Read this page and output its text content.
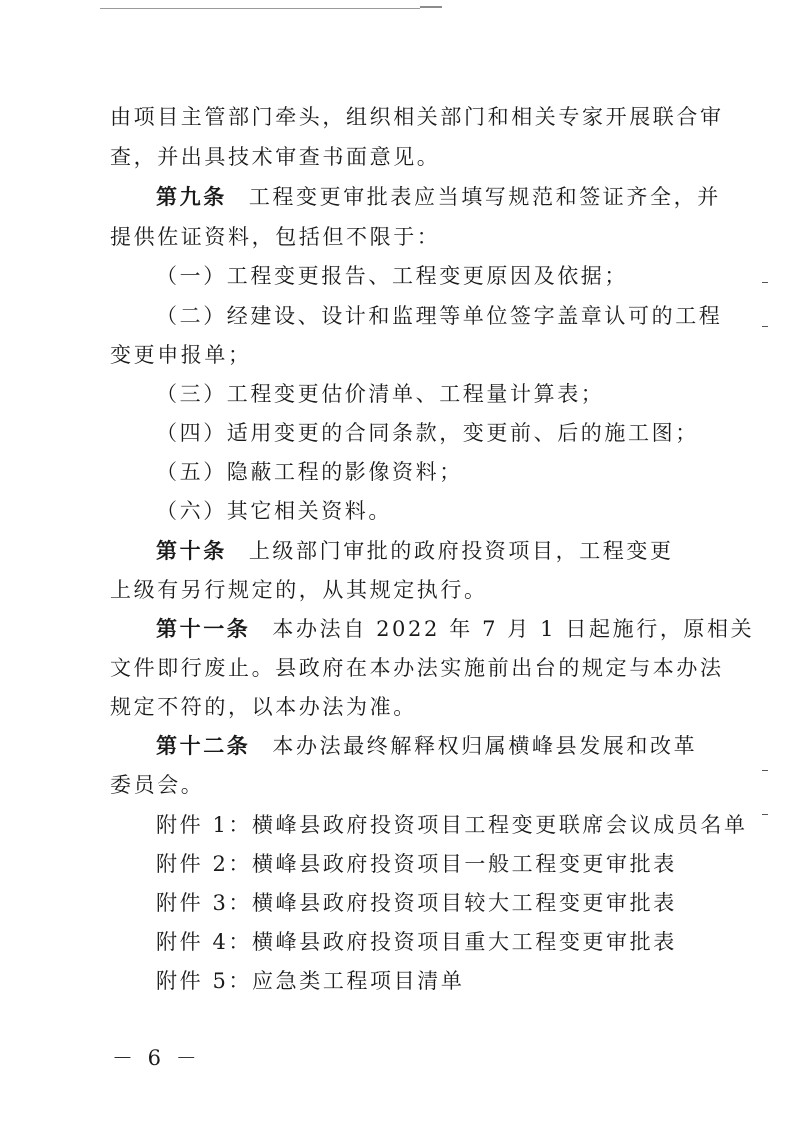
由项目主管部门牵头，组织相关部门和相关专家开展联合审
查，并出具技术审查书面意见。
第九条 工程变更审批表应当填写规范和签证齐全，并
提供佐证资料，包括但不限于：
（一）工程变更报告、工程变更原因及依据；
（二）经建设、设计和监理等单位签字盖章认可的工程
变更申报单；
（三）工程变更估价清单、工程量计算表；
（四）适用变更的合同条款，变更前、后的施工图；
（五）隐蔽工程的影像资料；
（六）其它相关资料。
第十条 上级部门审批的政府投资项目，工程变更
上级有另行规定的，从其规定执行。
第十一条 本办法自 2022 年 7 月 1 日起施行，原相关
文件即行废止。县政府在本办法实施前出台的规定与本办法
规定不符的，以本办法为准。
第十二条 本办法最终解释权归属横峰县发展和改革
委员会。
附件 1：横峰县政府投资项目工程变更联席会议成员名单
附件 2：横峰县政府投资项目一般工程变更审批表
附件 3：横峰县政府投资项目较大工程变更审批表
附件 4：横峰县政府投资项目重大工程变更审批表
附件 5：应急类工程项目清单
－ 6 －
